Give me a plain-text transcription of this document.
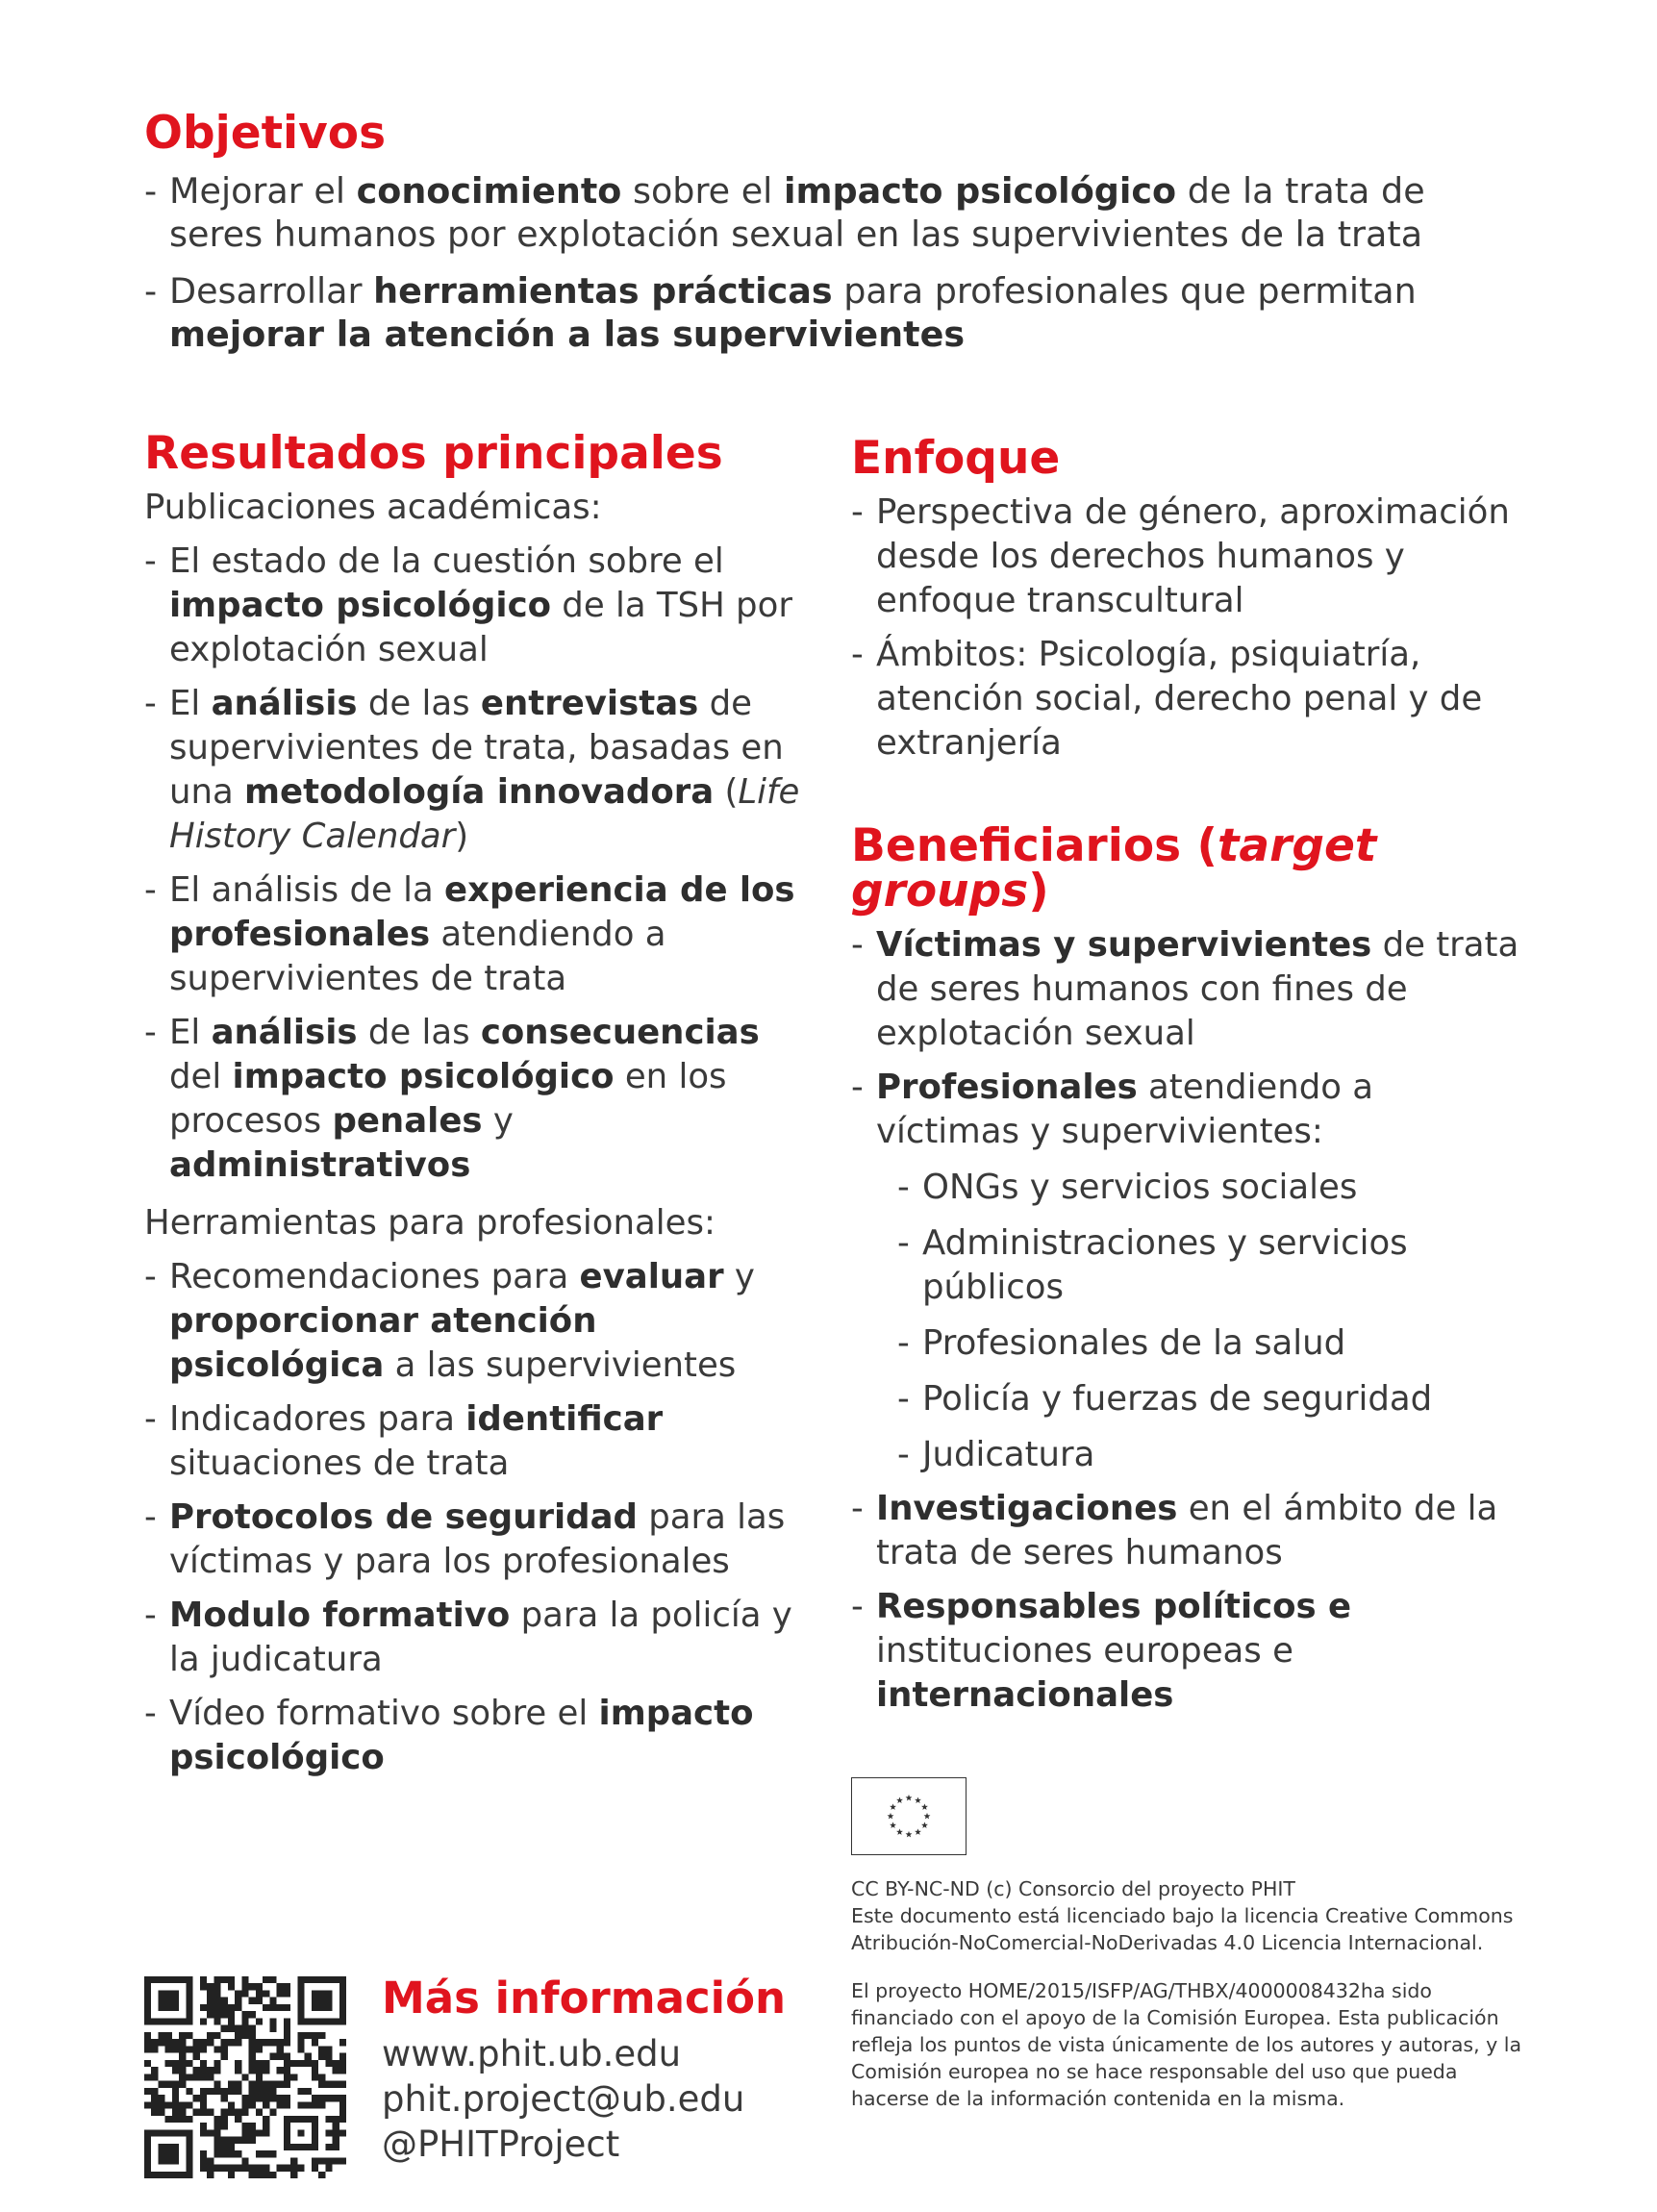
Objetivos
- Mejorar el conocimiento sobre el impacto psicológico de la trata de seres humanos por explotación sexual en las supervivientes de la trata
- Desarrollar herramientas prácticas para profesionales que permitan mejorar la atención a las supervivientes
Resultados principales
Publicaciones académicas:
- El estado de la cuestión sobre el impacto psicológico de la TSH por explotación sexual
- El análisis de las entrevistas de supervivientes de trata, basadas en una metodología innovadora (Life History Calendar)
- El análisis de la experiencia de los profesionales atendiendo a supervivientes de trata
- El análisis de las consecuencias del impacto psicológico en los procesos penales y administrativos
Herramientas para profesionales:
- Recomendaciones para evaluar y proporcionar atención psicológica a las supervivientes
- Indicadores para identificar situaciones de trata
- Protocolos de seguridad para las víctimas y para los profesionales
- Modulo formativo para la policía y la judicatura
- Vídeo formativo sobre el impacto psicológico
Enfoque
- Perspectiva de género, aproximación desde los derechos humanos y enfoque transcultural
- Ámbitos: Psicología, psiquiatría, atención social, derecho penal y de extranjería
Beneficiarios (target groups)
- Víctimas y supervivientes de trata de seres humanos con fines de explotación sexual
- Profesionales atendiendo a víctimas y supervivientes:
- ONGs y servicios sociales
- Administraciones y servicios públicos
- Profesionales de la salud
- Policía y fuerzas de seguridad
- Judicatura
- Investigaciones en el ámbito de la trata de seres humanos
- Responsables políticos e instituciones europeas e internacionales

CC BY-NC-ND (c) Consorcio del proyecto PHIT
Este documento está licenciado bajo la licencia Creative Commons Atribución-NoComercial-NoDerivadas 4.0 Licencia Internacional.

El proyecto HOME/2015/ISFP/AG/THBX/4000008432ha sido financiado con el apoyo de la Comisión Europea. Esta publicación refleja los puntos de vista únicamente de los autores y autoras, y la Comisión europea no se hace responsable del uso que pueda hacerse de la información contenida en la misma.

Más información
www.phit.ub.edu
phit.project@ub.edu
@PHITProject
